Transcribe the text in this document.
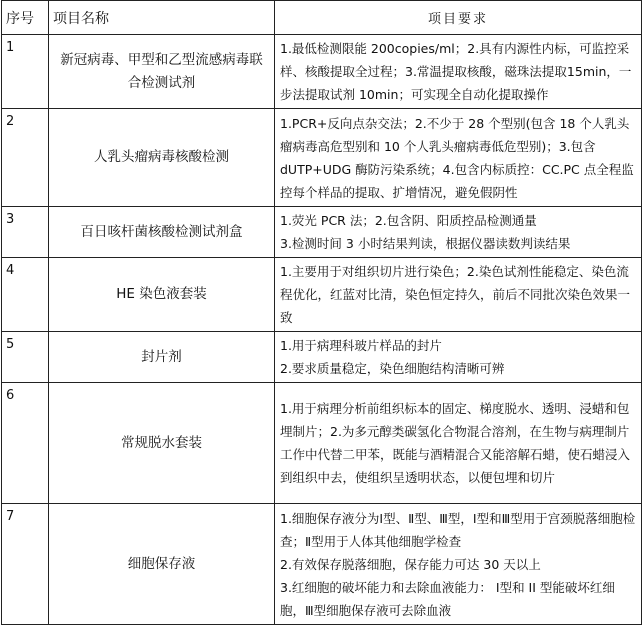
序号	项目名称	项目要求
1	新冠病毒、甲型和乙型流感病毒联合检测试剂	1.最低检测限能 200copies/ml；2.具有内源性内标，可监控采样、核酸提取全过程；3.常温提取核酸，磁珠法提取15min，一步法提取试剂 10min；可实现全自动化提取操作

2	人乳头瘤病毒核酸检测	1.PCR+反向点杂交法；2.不少于 28 个型别(包含 18 个人乳头瘤病毒高危型别和 10 个人乳头瘤病毒低危型别)；3.包含 dUTP+UDG 酶防污染系统；4.包含内标质控：CC.PC 点全程监控每个样品的提取、扩增情况，避免假阴性

3	百日咳杆菌核酸检测试剂盒	1.荧光 PCR 法；2.包含阴、阳质控品检测通量
3.检测时间 3 小时结果判读，根据仪器读数判读结果

4	HE 染色液套装	1.主要用于对组织切片进行染色；2.染色试剂性能稳定、染色流程优化，红蓝对比清，染色恒定持久，前后不同批次染色效果一致

5	封片剂	1.用于病理科玻片样品的封片
2.要求质量稳定，染色细胞结构清晰可辨

6	常规脱水套装	1.用于病理分析前组织标本的固定、梯度脱水、透明、浸蜡和包埋制片；2.为多元醇类碳氢化合物混合溶剂，在生物与病理制片工作中代替二甲苯，既能与酒精混合又能溶解石蜡，使石蜡浸入到组织中去，使组织呈透明状态，以便包埋和切片

7	细胞保存液	1.细胞保存液分为Ⅰ型、Ⅱ型、Ⅲ型，Ⅰ型和Ⅲ型用于宫颈脱落细胞检查；Ⅱ型用于人体其他细胞学检查
2.有效保存脱落细胞，保存能力可达 30 天以上
3.红细胞的破坏能力和去除血液能力： I型和 II 型能破坏红细胞，Ⅲ型细胞保存液可去除血液
